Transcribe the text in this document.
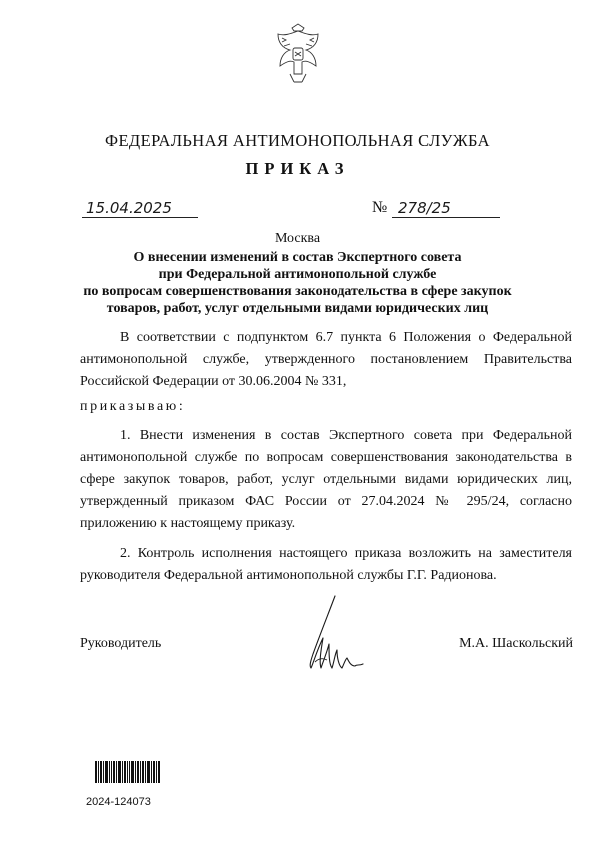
ФЕДЕРАЛЬНАЯ АНТИМОНОПОЛЬНАЯ СЛУЖБА
ПРИКАЗ
15.04.2025	№ 278/25
Москва
О внесении изменений в состав Экспертного совета
при Федеральной антимонопольной службе
по вопросам совершенствования законодательства в сфере закупок
товаров, работ, услуг отдельными видами юридических лиц

В соответствии с подпунктом 6.7 пункта 6 Положения о Федеральной антимонопольной службе, утвержденного постановлением Правительства Российской Федерации от 30.06.2004 № 331,

приказываю:

1. Внести изменения в состав Экспертного совета при Федеральной антимонопольной службе по вопросам совершенствования законодательства в сфере закупок товаров, работ, услуг отдельными видами юридических лиц, утвержденный приказом ФАС России от 27.04.2024 № 295/24, согласно приложению к настоящему приказу.

2. Контроль исполнения настоящего приказа возложить на заместителя руководителя Федеральной антимонопольной службы Г.Г. Радионова.

Руководитель	М.А. Шаскольский
2024-124073
